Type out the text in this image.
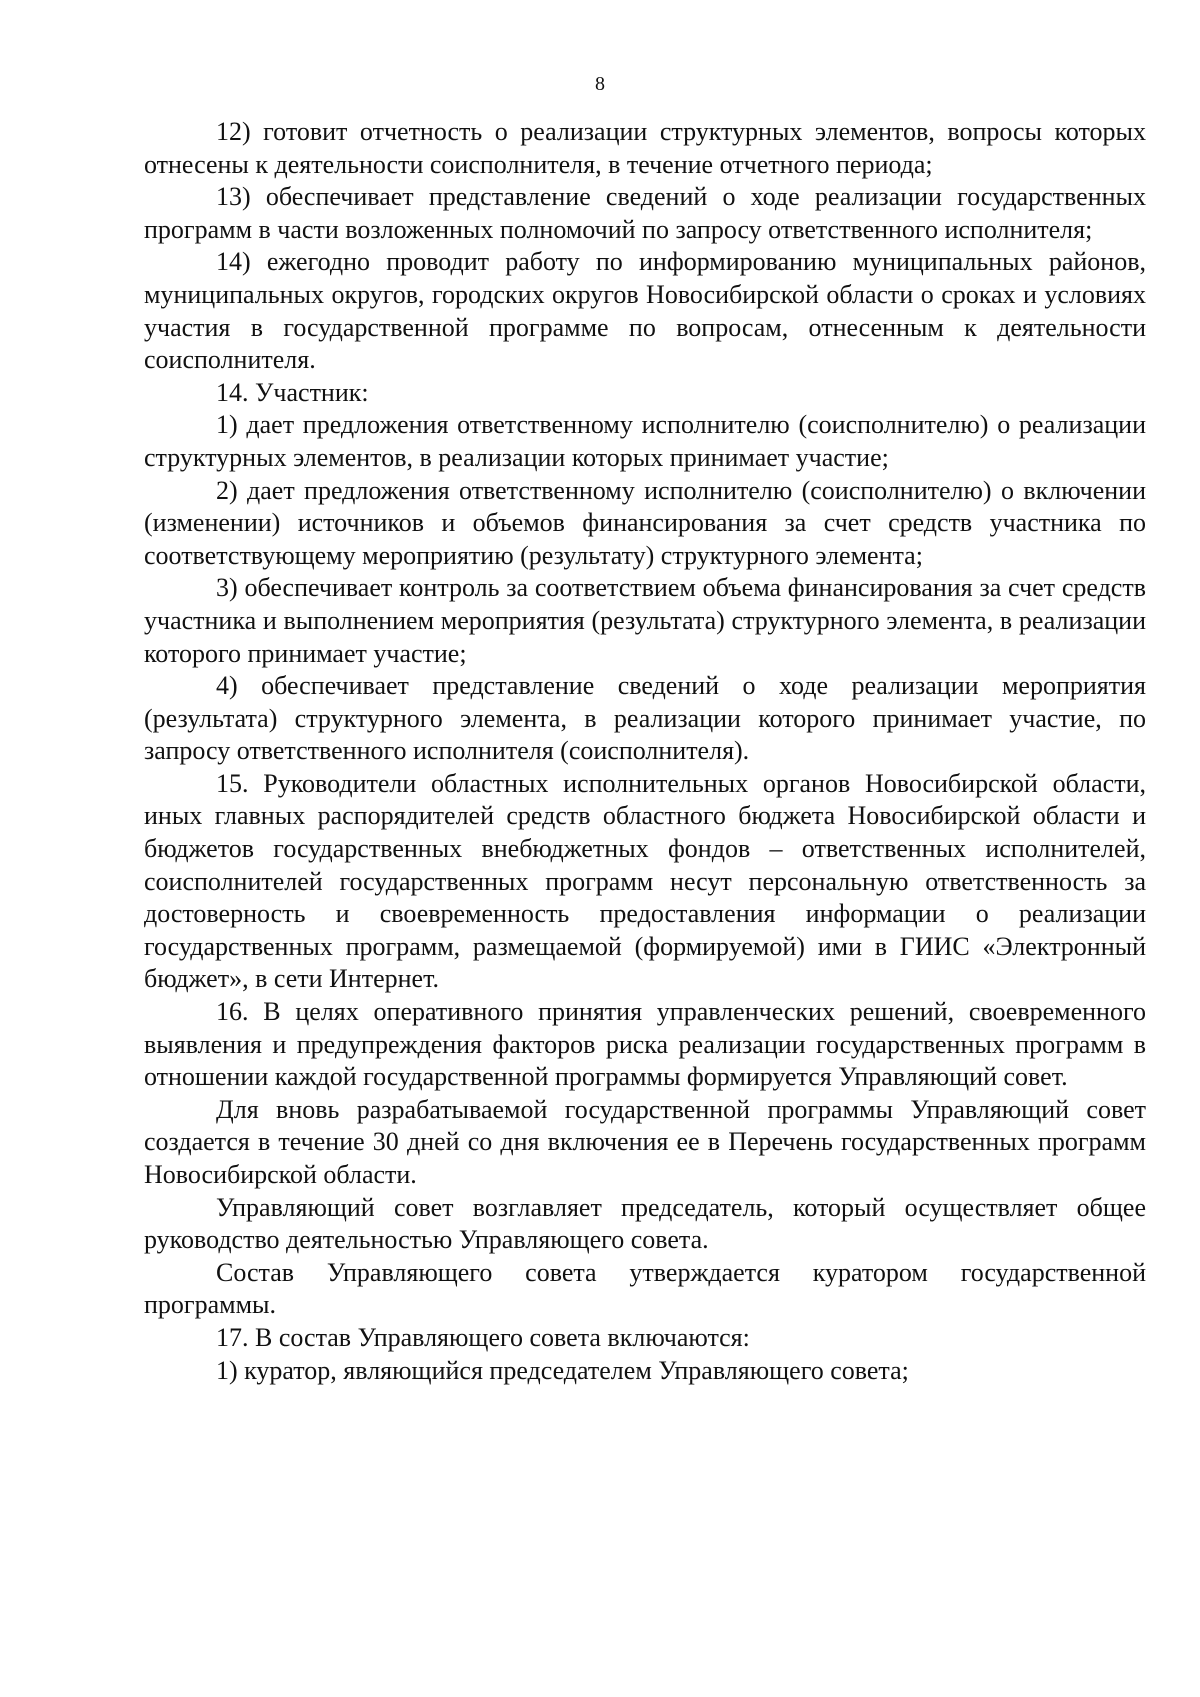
8

12) готовит отчетность о реализации структурных элементов, вопросы которых отнесены к деятельности соисполнителя, в течение отчетного периода;

13) обеспечивает представление сведений о ходе реализации государственных программ в части возложенных полномочий по запросу ответственного исполнителя;

14) ежегодно проводит работу по информированию муниципальных районов, муниципальных округов, городских округов Новосибирской области о сроках и условиях участия в государственной программе по вопросам, отнесенным к деятельности соисполнителя.

14. Участник:

1) дает предложения ответственному исполнителю (соисполнителю) о реализации структурных элементов, в реализации которых принимает участие;

2) дает предложения ответственному исполнителю (соисполнителю) о включении (изменении) источников и объемов финансирования за счет средств участника по соответствующему мероприятию (результату) структурного элемента;

3) обеспечивает контроль за соответствием объема финансирования за счет средств участника и выполнением мероприятия (результата) структурного элемента, в реализации которого принимает участие;

4) обеспечивает представление сведений о ходе реализации мероприятия (результата) структурного элемента, в реализации которого принимает участие, по запросу ответственного исполнителя (соисполнителя).

15. Руководители областных исполнительных органов Новосибирской области, иных главных распорядителей средств областного бюджета Новосибирской области и бюджетов государственных внебюджетных фондов – ответственных исполнителей, соисполнителей государственных программ несут персональную ответственность за достоверность и своевременность предоставления информации о реализации государственных программ, размещаемой (формируемой) ими в ГИИС «Электронный бюджет», в сети Интернет.

16. В целях оперативного принятия управленческих решений, своевременного выявления и предупреждения факторов риска реализации государственных программ в отношении каждой государственной программы формируется Управляющий совет.

Для вновь разрабатываемой государственной программы Управляющий совет создается в течение 30 дней со дня включения ее в Перечень государственных программ Новосибирской области.

Управляющий совет возглавляет председатель, который осуществляет общее руководство деятельностью Управляющего совета.

Состав Управляющего совета утверждается куратором государственной программы.

17. В состав Управляющего совета включаются:

1) куратор, являющийся председателем Управляющего совета;
